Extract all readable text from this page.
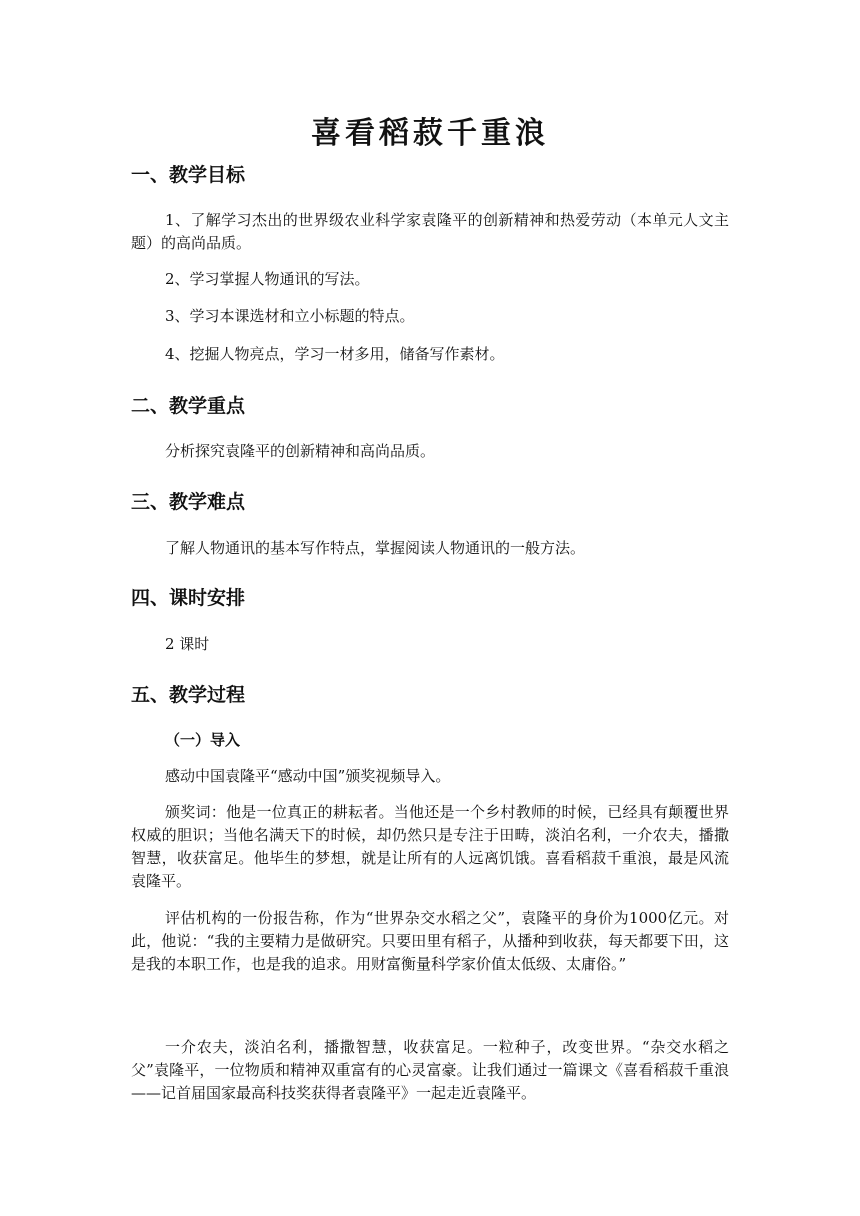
喜看稻菽千重浪
一、教学目标
1、了解学习杰出的世界级农业科学家袁隆平的创新精神和热爱劳动（本单元人文主题）的高尚品质。
2、学习掌握人物通讯的写法。
3、学习本课选材和立小标题的特点。
4、挖掘人物亮点，学习一材多用，储备写作素材。
二、教学重点
分析探究袁隆平的创新精神和高尚品质。
三、教学难点
了解人物通讯的基本写作特点，掌握阅读人物通讯的一般方法。
四、课时安排
2 课时
五、教学过程
（一）导入
感动中国袁隆平“感动中国”颁奖视频导入。
颁奖词：他是一位真正的耕耘者。当他还是一个乡村教师的时候，已经具有颠覆世界权威的胆识；当他名满天下的时候，却仍然只是专注于田畴，淡泊名利，一介农夫，播撒智慧，收获富足。他毕生的梦想，就是让所有的人远离饥饿。喜看稻菽千重浪，最是风流袁隆平。
评估机构的一份报告称，作为“世界杂交水稻之父”，袁隆平的身价为1000亿元。对此，他说：“我的主要精力是做研究。只要田里有稻子，从播种到收获，每天都要下田，这是我的本职工作，也是我的追求。用财富衡量科学家价值太低级、太庸俗。”
一介农夫，淡泊名利，播撒智慧，收获富足。一粒种子，改变世界。“杂交水稻之父”袁隆平，一位物质和精神双重富有的心灵富豪。让我们通过一篇课文《喜看稻菽千重浪——记首届国家最高科技奖获得者袁隆平》一起走近袁隆平。
